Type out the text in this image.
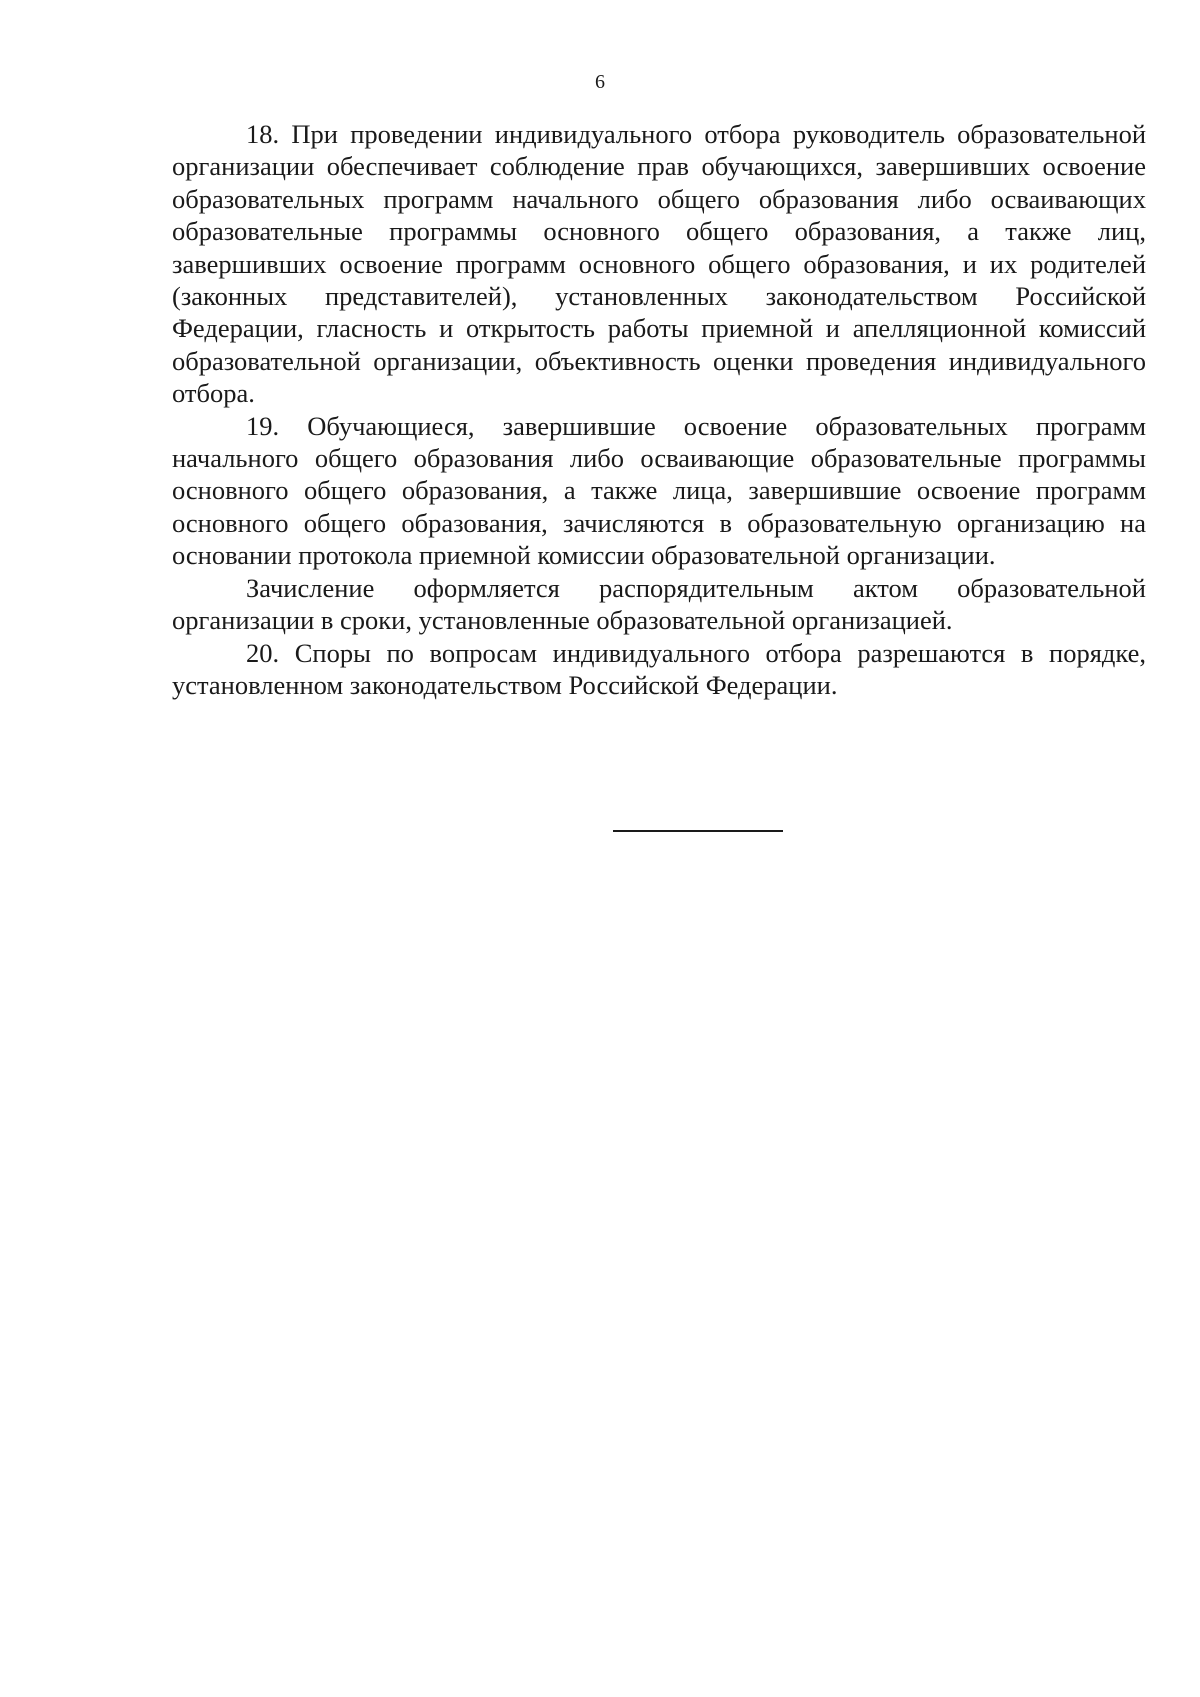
6

18. При проведении индивидуального отбора руководитель образовательной организации обеспечивает соблюдение прав обучающихся, завершивших освоение образовательных программ начального общего образования либо осваивающих образовательные программы основного общего образования, а также лиц, завершивших освоение программ основного общего образования, и их родителей (законных представителей), установленных законодательством Российской Федерации, гласность и открытость работы приемной и апелляционной комиссий образовательной организации, объективность оценки проведения индивидуального отбора.

19. Обучающиеся, завершившие освоение образовательных программ начального общего образования либо осваивающие образовательные программы основного общего образования, а также лица, завершившие освоение программ основного общего образования, зачисляются в образовательную организацию на основании протокола приемной комиссии образовательной организации.

Зачисление оформляется распорядительным актом образовательной организации в сроки, установленные образовательной организацией.

20. Споры по вопросам индивидуального отбора разрешаются в порядке, установленном законодательством Российской Федерации.
